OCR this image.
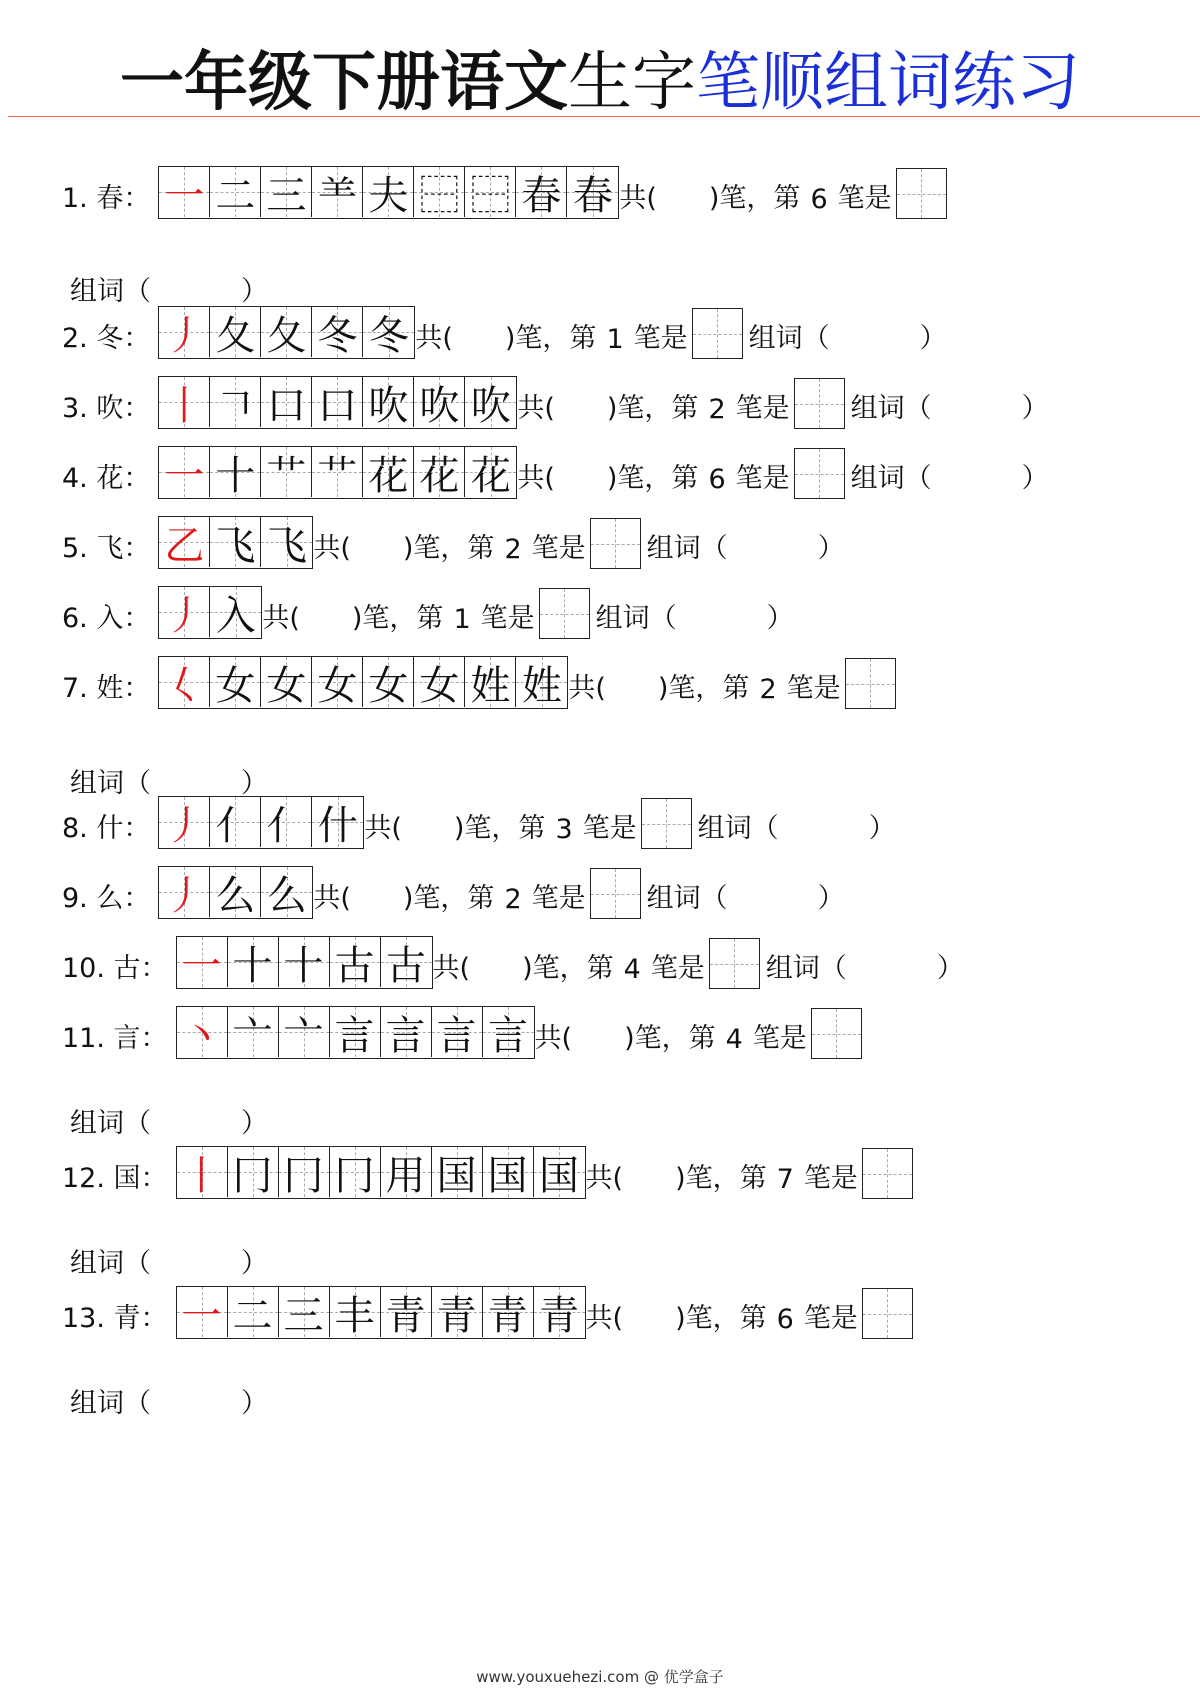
一年级下册语文生字笔顺组词练习
组词（	）
1. 春： 一 二 三 ⺷ 夫 ⿱ ⿱ 春 春 共( )笔，第 6 笔是
2. 冬： 丿 夂 夂 冬 冬 共( )笔，第 1 笔是 组词（	）
3. 吹： 丨 𠃍 口 口 吹 吹 吹 共( )笔，第 2 笔是 组词（	）
4. 花： 一 十 艹 艹 花 花 花 共( )笔，第 6 笔是 组词（	）
5. 飞： 乙 飞 飞 共( )笔，第 2 笔是 组词（	）
6. 入： 丿 入 共( )笔，第 1 笔是 组词（	）
组词（	）
7. 姓： 𡿨 女 女 女 女 女 姓 姓 共( )笔，第 2 笔是
8. 什： 丿 亻 亻 什 共( )笔，第 3 笔是 组词（	）
9. 么： 丿 么 么 共( )笔，第 2 笔是 组词（	）
10. 古： 一 十 十 古 古 共( )笔，第 4 笔是 组词（	）
组词（	）
11. 言： 丶 亠 亠 言 言 言 言 共( )笔，第 4 笔是
组词（	）
12. 国： 丨 冂 冂 冂 用 国 国 国 共( )笔，第 7 笔是
组词（	）
13. 青： 一 二 三 丰 青 青 青 青 共( )笔，第 6 笔是
www.youxuehezi.com @ 优学盒子
